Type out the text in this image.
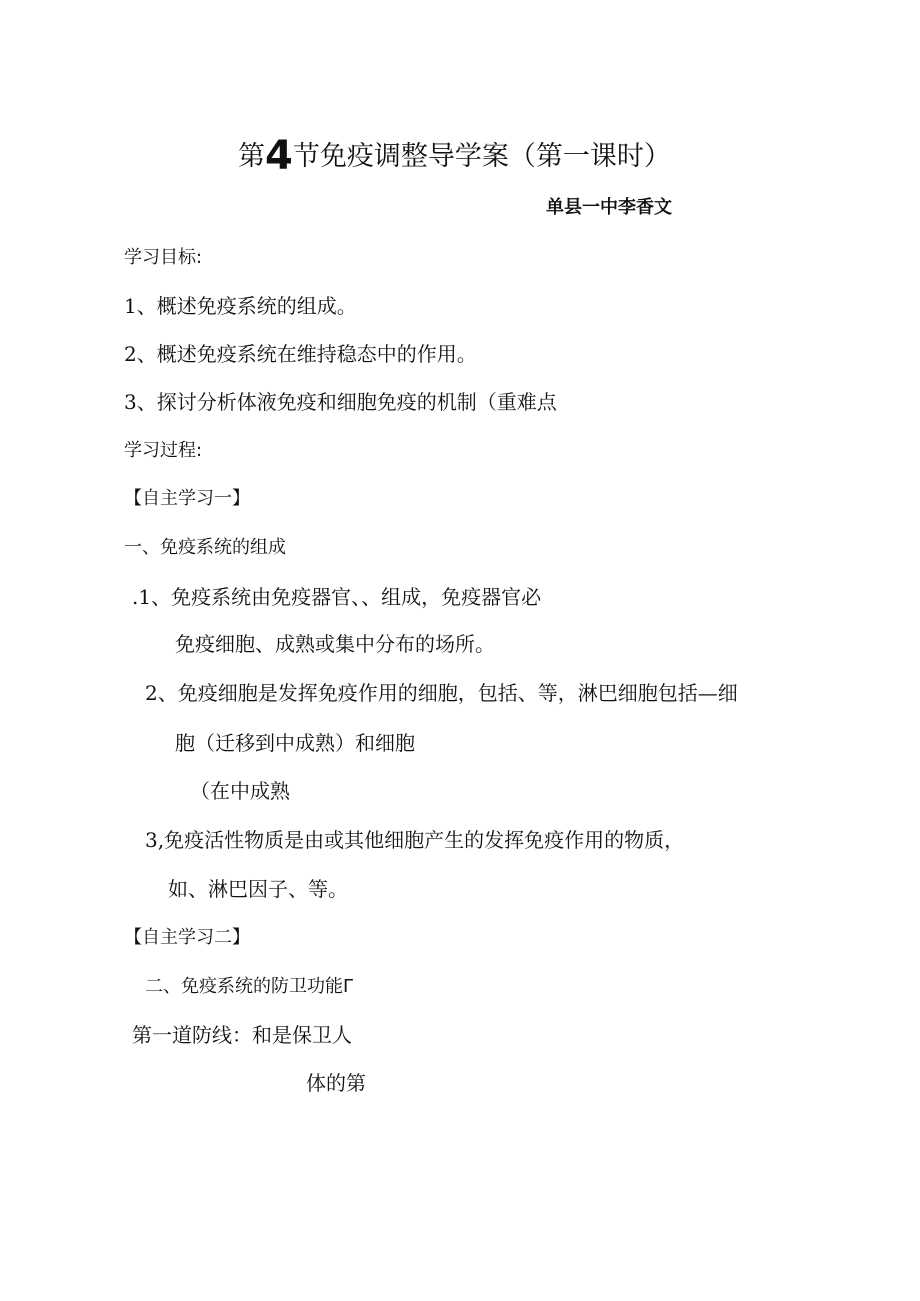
第4节免疫调整导学案（第一课时）
单县一中李香文
学习目标:
1、概述免疫系统的组成。
2、概述免疫系统在维持稳态中的作用。
3、探讨分析体液免疫和细胞免疫的机制（重难点
学习过程:
【自主学习一】
一、免疫系统的组成
.1、免疫系统由免疫器官、、组成，免疫器官必
免疫细胞、成熟或集中分布的场所。
2、免疫细胞是发挥免疫作用的细胞，包括、等，淋巴细胞包括—细
胞（迁移到中成熟）和细胞
（在中成熟
3,免疫活性物质是由或其他细胞产生的发挥免疫作用的物质，
如、淋巴因子、等。
【自主学习二】
二、免疫系统的防卫功能Γ
第一道防线：和是保卫人
体的第
